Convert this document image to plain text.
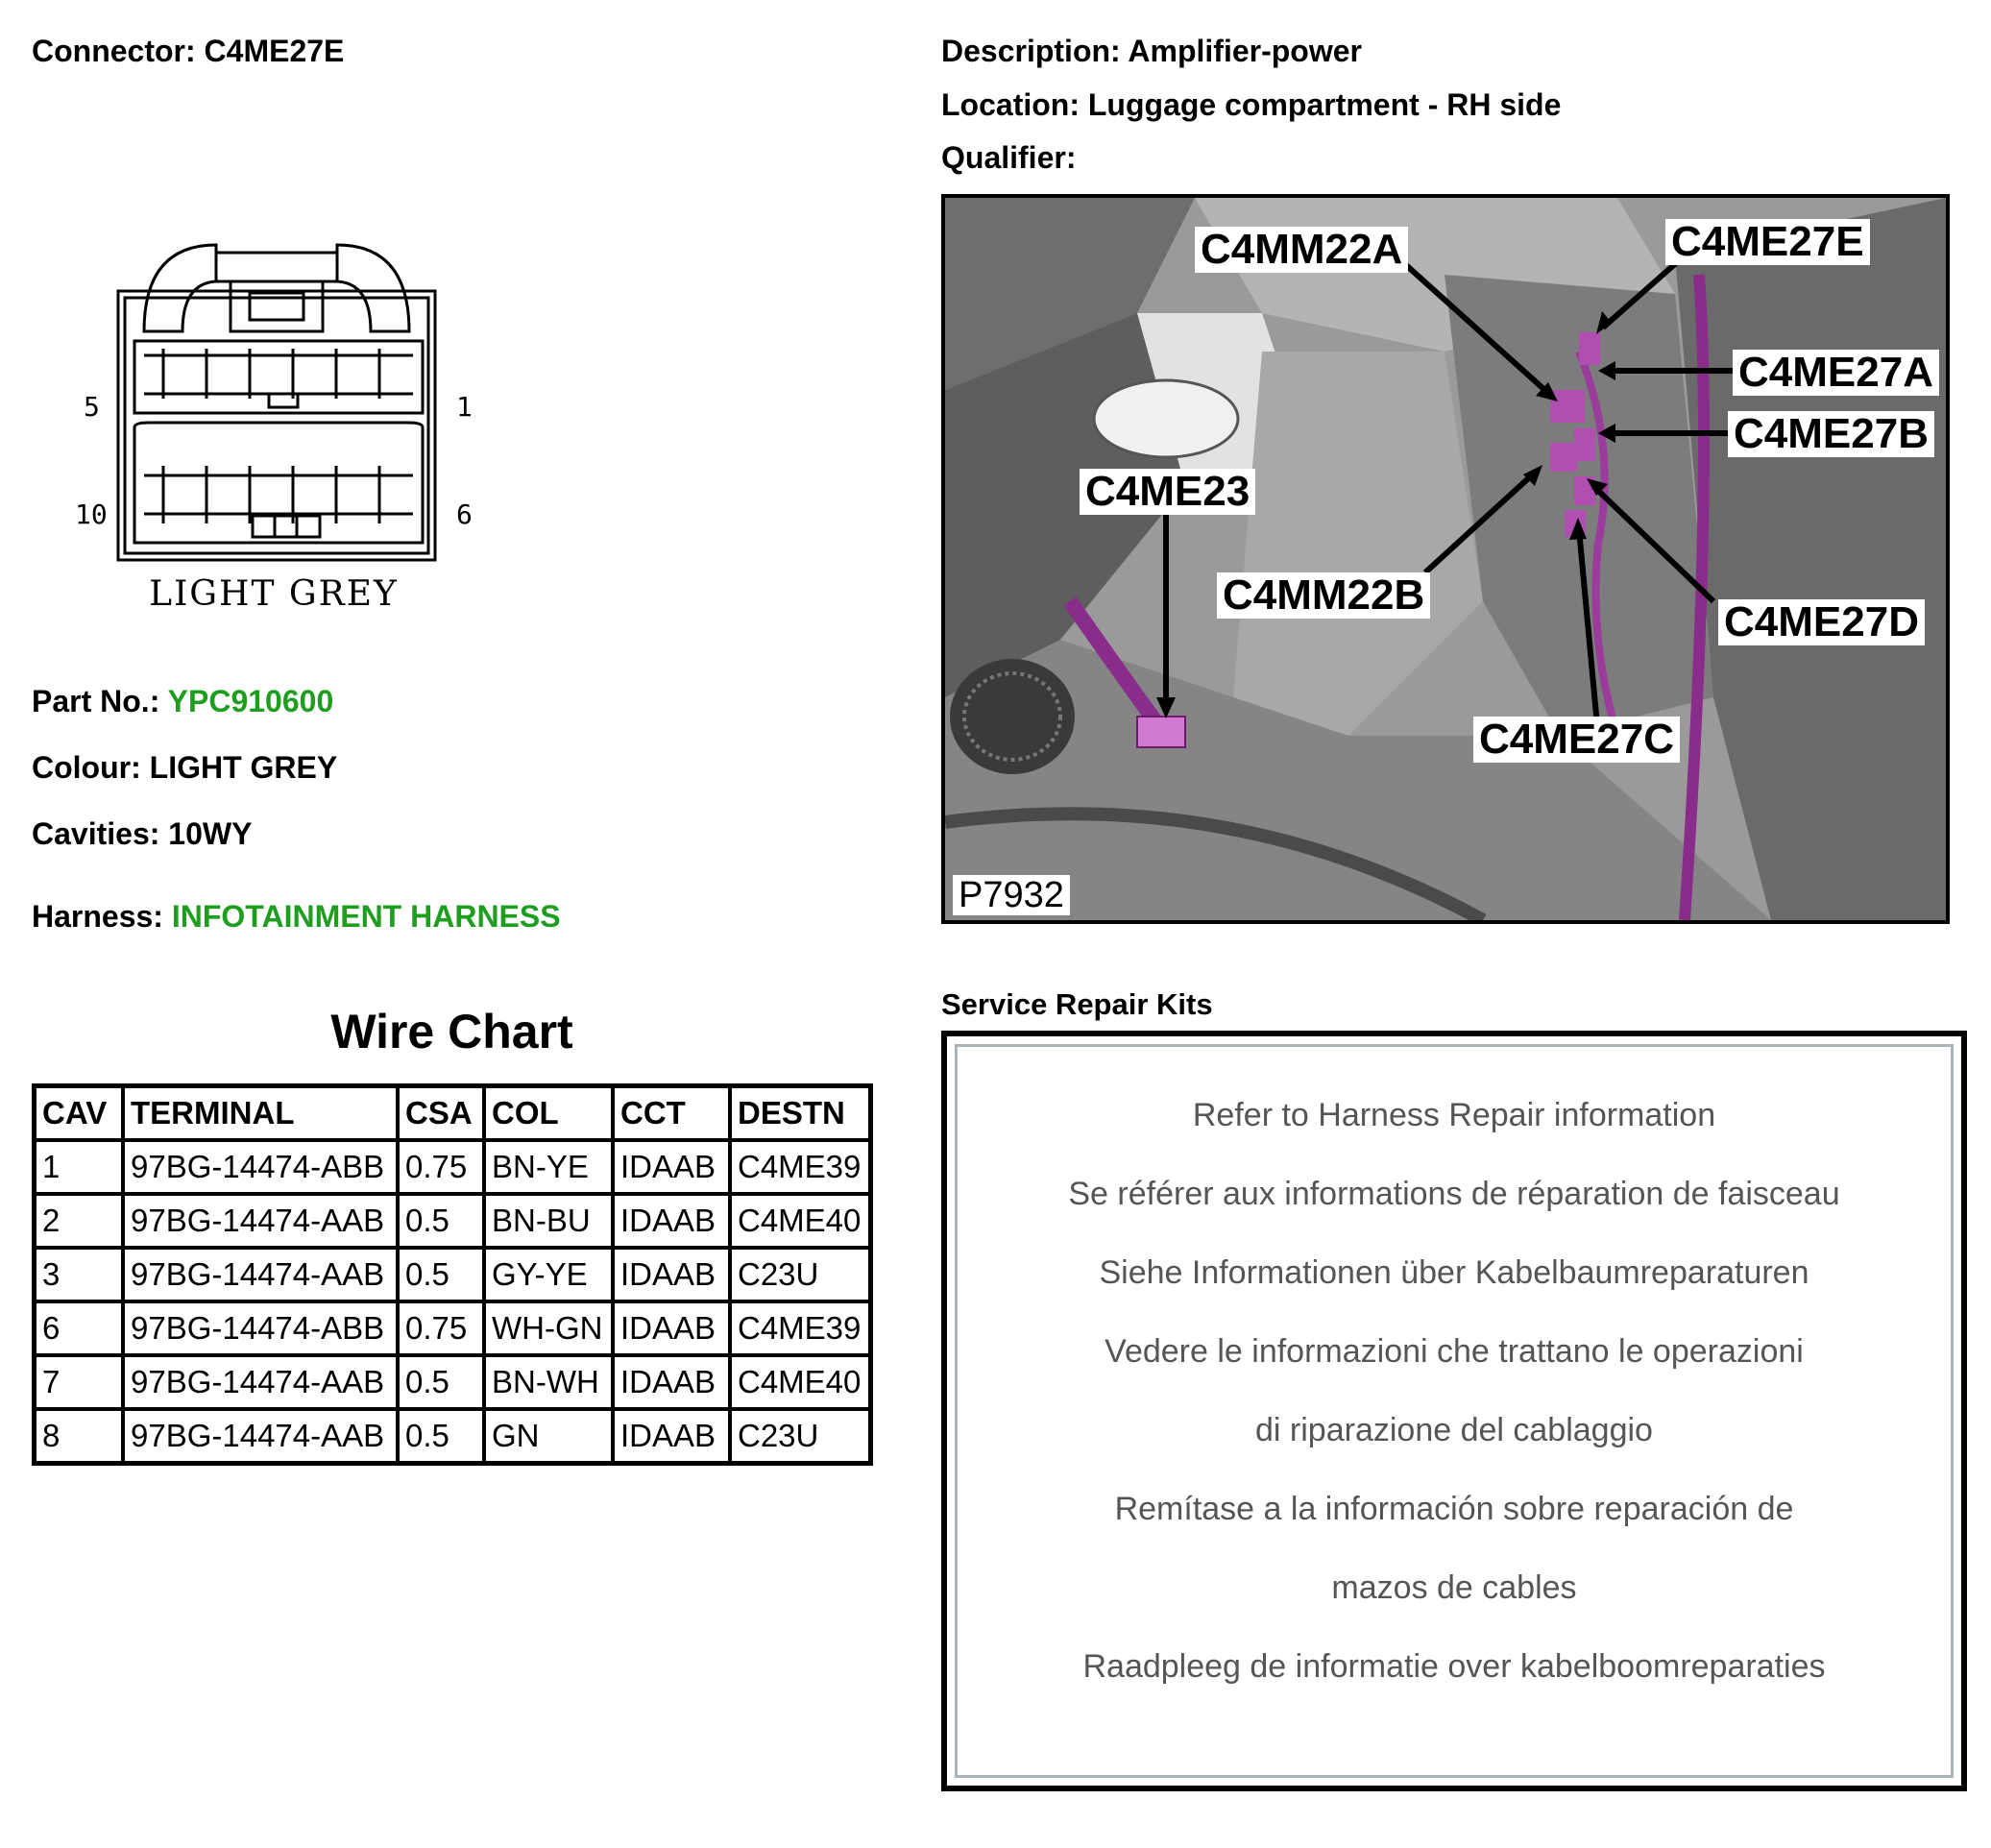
Connector: C4ME27E	Description: Amplifier-power
Location: Luggage compartment - RH side
Qualifier:
5	1
10	6
LIGHT GREY
Part No.: YPC910600
Colour: LIGHT GREY
Cavities: 10WY
Harness: INFOTAINMENT HARNESS
Wire Chart
CAV	TERMINAL	CSA	COL	CCT	DESTN
1	97BG-14474-ABB	0.75	BN-YE	IDAAB	C4ME39
2	97BG-14474-AAB	0.5	BN-BU	IDAAB	C4ME40
3	97BG-14474-AAB	0.5	GY-YE	IDAAB	C23U
6	97BG-14474-ABB	0.75	WH-GN	IDAAB	C4ME39
7	97BG-14474-AAB	0.5	BN-WH	IDAAB	C4ME40
8	97BG-14474-AAB	0.5	GN	IDAAB	C23U
C4MM22A	C4ME27E
C4ME27A
C4ME27B
C4ME23
C4MM22B
C4ME27D
C4ME27C
P7932
Service Repair Kits
Refer to Harness Repair information
Se référer aux informations de réparation de faisceau
Siehe Informationen über Kabelbaumreparaturen
Vedere le informazioni che trattano le operazioni
di riparazione del cablaggio
Remítase a la información sobre reparación de
mazos de cables
Raadpleeg de informatie over kabelboomreparaties
